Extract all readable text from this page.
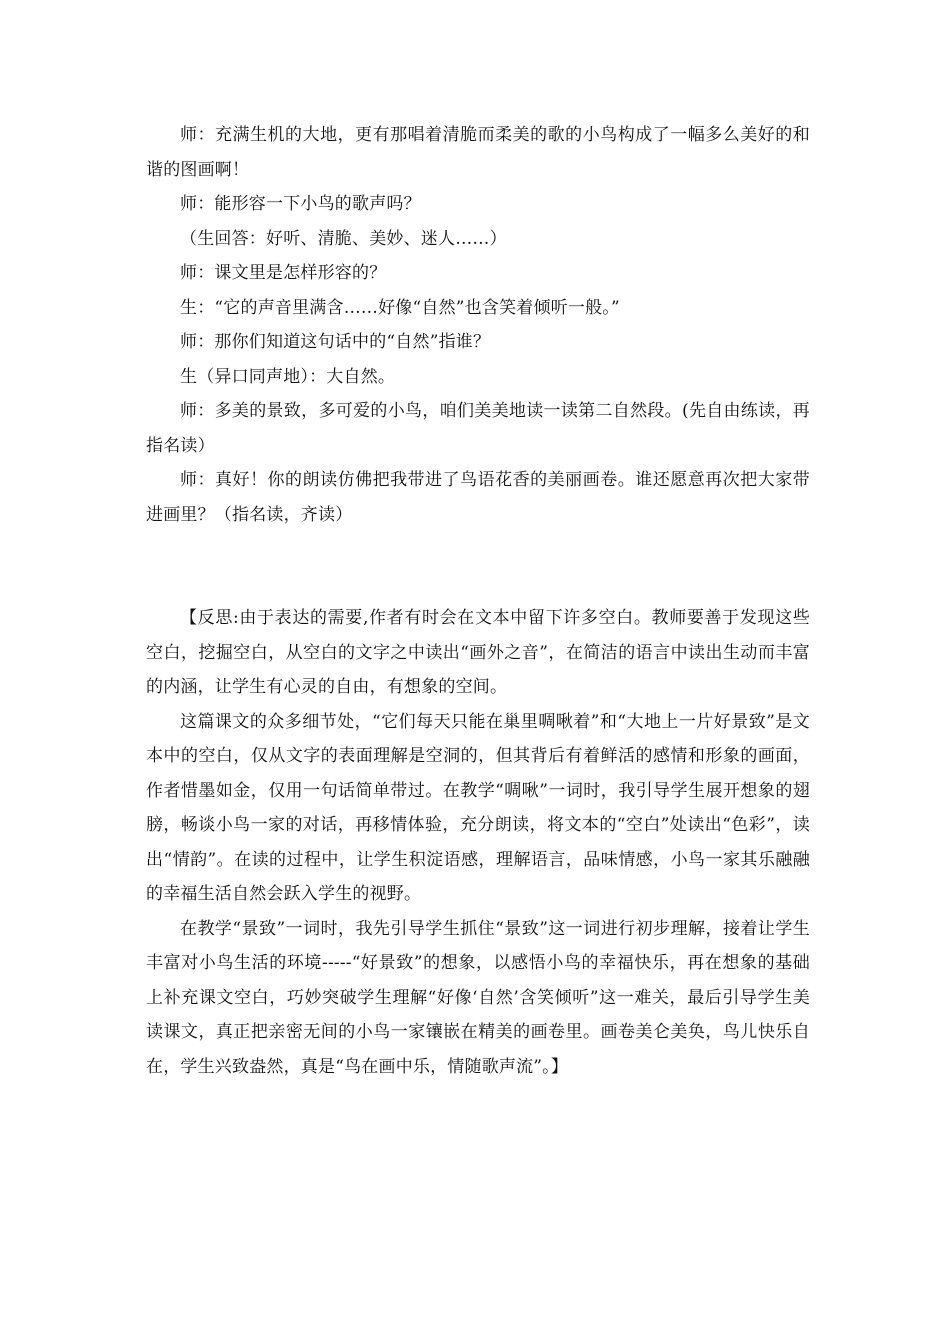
师：充满生机的大地，更有那唱着清脆而柔美的歌的小鸟构成了一幅多么美好的和谐的图画啊！

师：能形容一下小鸟的歌声吗？

（生回答：好听、清脆、美妙、迷人……）

师：课文里是怎样形容的？

生：“它的声音里满含……好像“自然”也含笑着倾听一般。”

师：那你们知道这句话中的“自然”指谁？

生（异口同声地）：大自然。

师：多美的景致，多可爱的小鸟，咱们美美地读一读第二自然段。(先自由练读，再指名读）

师：真好！你的朗读仿佛把我带进了鸟语花香的美丽画卷。谁还愿意再次把大家带进画里？（指名读，齐读）

【反思:由于表达的需要,作者有时会在文本中留下许多空白。教师要善于发现这些空白，挖掘空白，从空白的文字之中读出“画外之音”，在简洁的语言中读出生动而丰富的内涵，让学生有心灵的自由，有想象的空间。

这篇课文的众多细节处，“它们每天只能在巢里啁啾着”和“大地上一片好景致”是文本中的空白，仅从文字的表面理解是空洞的，但其背后有着鲜活的感情和形象的画面，作者惜墨如金，仅用一句话简单带过。在教学“啁啾”一词时，我引导学生展开想象的翅膀，畅谈小鸟一家的对话，再移情体验，充分朗读，将文本的“空白”处读出“色彩”，读出“情韵”。在读的过程中，让学生积淀语感，理解语言，品味情感，小鸟一家其乐融融的幸福生活自然会跃入学生的视野。

在教学“景致”一词时，我先引导学生抓住“景致”这一词进行初步理解，接着让学生丰富对小鸟生活的环境-----“好景致”的想象，以感悟小鸟的幸福快乐，再在想象的基础上补充课文空白，巧妙突破学生理解“好像‘自然’含笑倾听”这一难关，最后引导学生美读课文，真正把亲密无间的小鸟一家镶嵌在精美的画卷里。画卷美仑美奂，鸟儿快乐自在，学生兴致盎然，真是“鸟在画中乐，情随歌声流”。】
